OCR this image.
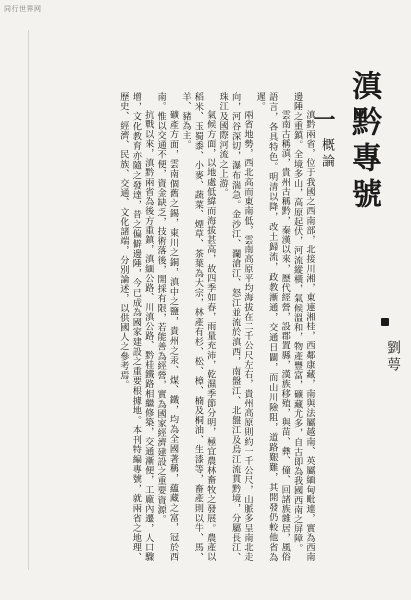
同行世界网
滇黔專號
一
概論
劉萼

滇黔兩省，位于我國之西南部，北接川湘，東連湘桂，西鄰康藏，南與法屬越南、英屬緬甸毗連，實為西南邊陲之重鎮。全境多山，高原起伏，河流縱橫，氣候溫和，物產豐富，礦藏尤多，自古即為我國西南之屏障。

雲南古稱滇，貴州古稱黔，秦漢以來，歷代經營，設郡置縣，漢族移殖，與苗、彝、僮、回諸族雜居，風俗語言，各具特色。明清以降，改土歸流，政教漸通，交通日闢，而山川險阻，道路艱難，其開發仍較他省為遲。

兩省地勢，西北高而東南低，雲南高原平均海拔在二千公尺左右，貴州高原則約一千公尺，山脈多呈南北走向，河谷深切，瀑布湍急。金沙江、瀾滄江、怒江並流於滇西，南盤江、北盤江及烏江流貫黔境，分屬長江、珠江及國際河流之上游。

氣候方面，以地處低緯而海拔甚高，故四季如春，雨量充沛，乾濕季節分明，極宜農林畜牧之發展。農產以稻米、玉蜀黍、小麥、蔬菜、煙草、茶葉為大宗，林產有杉、松、樟、楠及桐油、生漆等，畜產則以牛、馬、羊、豬為主。

礦產方面，雲南個舊之錫，東川之銅，滇中之鹽，貴州之汞、煤、鐵，均為全國著稱，蘊藏之富，冠於西南。惟以交通不便，資金缺乏，技術落後，開採有限，若能善為經營，實為國家經濟建設之重要資源。

抗戰以來，滇黔兩省為後方重鎮，滇緬公路、川滇公路、黔桂鐵路相繼修築，交通漸便，工廠內遷，人口驟增，文化教育亦隨之發達，昔之偏僻邊陲，今已成為國家建設之重要根據地。本刊特編專號，就兩省之地理、歷史、經濟、民族、交通、文化諸端，分別論述，以供國人之參考焉。
